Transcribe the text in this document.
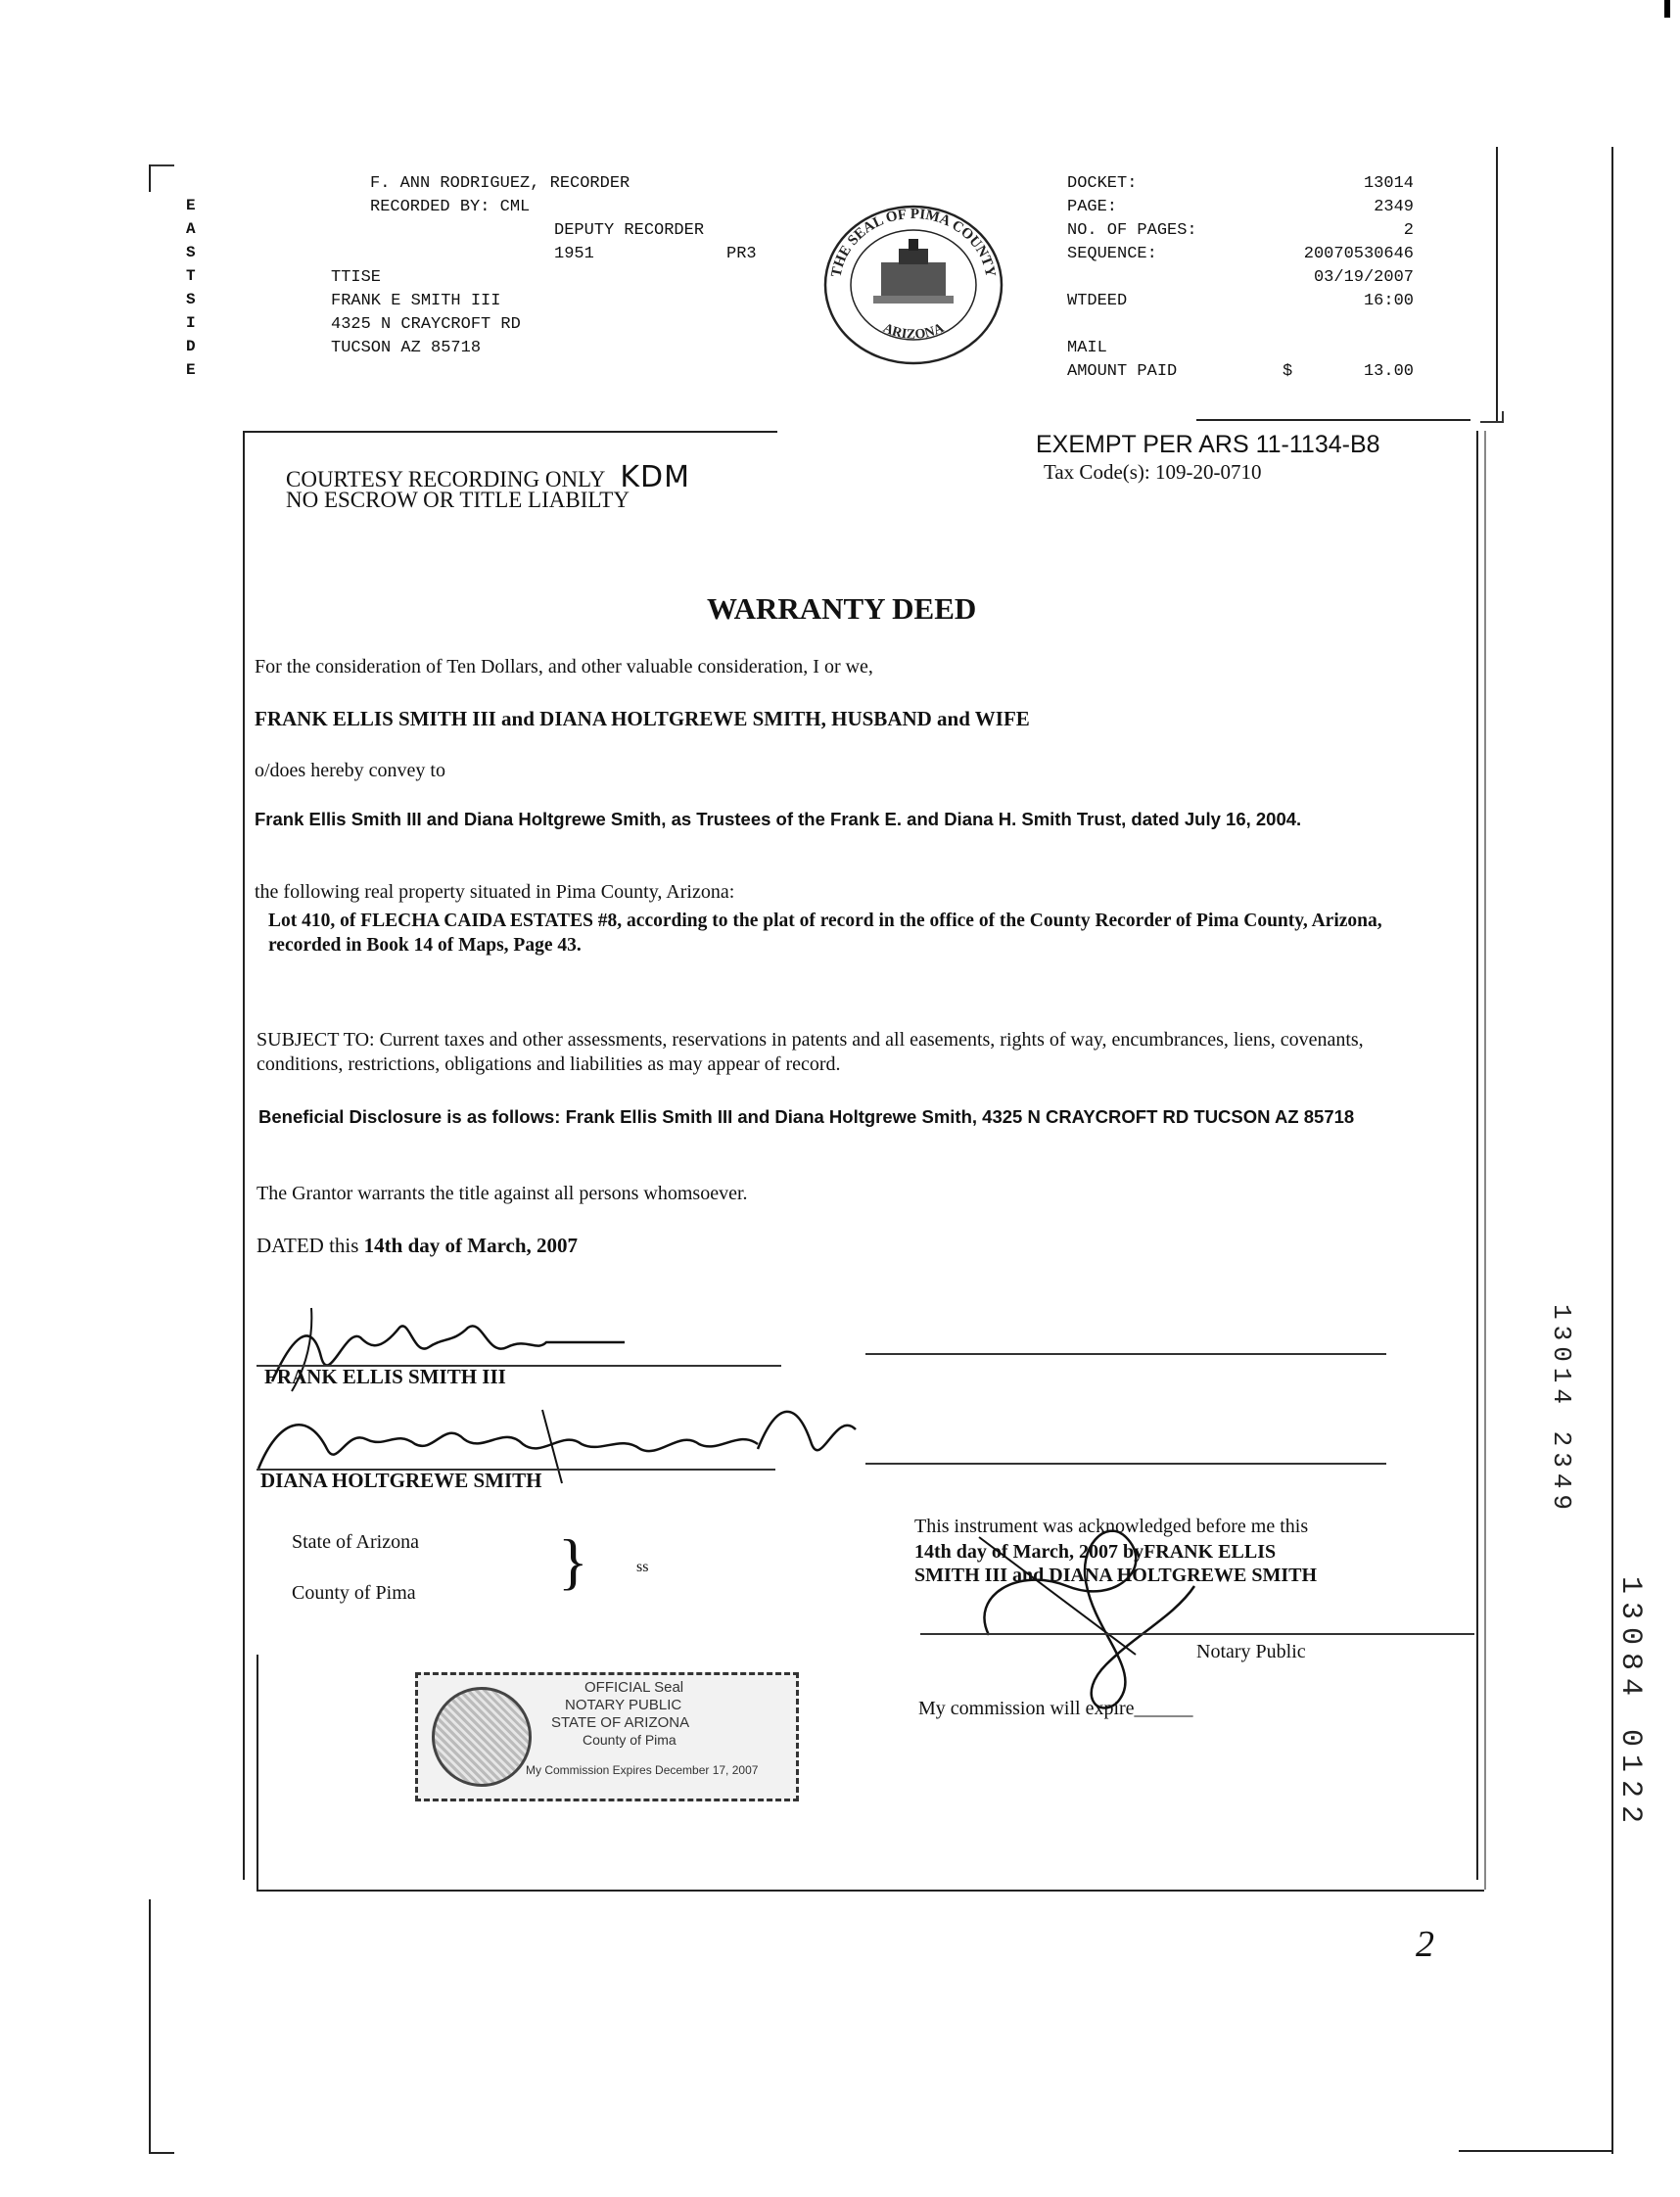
E
A
S
T
S
I
D
E
F. ANN RODRIGUEZ, RECORDER
RECORDED BY: CML
DEPUTY RECORDER
1951	PR3
TTISE
FRANK E SMITH III
4325 N CRAYCROFT RD
TUCSON AZ 85718
THE SEAL OF PIMA COUNTY
ARIZONA
DOCKET:	13014
PAGE:	2349
NO. OF PAGES:	2
SEQUENCE:	20070530646
03/19/2007
WTDEED	16:00
MAIL
AMOUNT PAID	$	13.00
COURTESY RECORDING ONLY KDM
NO ESCROW OR TITLE LIABILTY
EXEMPT PER ARS 11-1134-B8
Tax Code(s): 109-20-0710
WARRANTY DEED
For the consideration of Ten Dollars, and other valuable consideration, I or we,
FRANK ELLIS SMITH III and DIANA HOLTGREWE SMITH, HUSBAND and WIFE
o/does hereby convey to
Frank Ellis Smith III and Diana Holtgrewe Smith, as Trustees of the Frank E. and Diana H. Smith Trust, dated July 16, 2004.
the following real property situated in Pima County, Arizona:
Lot 410, of FLECHA CAIDA ESTATES #8, according to the plat of record in the office of the County Recorder of Pima County, Arizona, recorded in Book 14 of Maps, Page 43.
SUBJECT TO: Current taxes and other assessments, reservations in patents and all easements, rights of way, encumbrances, liens, covenants, conditions, restrictions, obligations and liabilities as may appear of record.
Beneficial Disclosure is as follows: Frank Ellis Smith III and Diana Holtgrewe Smith, 4325 N CRAYCROFT RD TUCSON AZ 85718
The Grantor warrants the title against all persons whomsoever.
DATED this 14th day of March, 2007
FRANK ELLIS SMITH III
DIANA HOLTGREWE SMITH
State of Arizona
County of Pima }	ss
This instrument was acknowledged before me this
14th day of March, 2007 byFRANK ELLIS
SMITH III and DIANA HOLTGREWE SMITH
Notary Public
My commission will expire______
OFFICIAL Seal
NOTARY PUBLIC
STATE OF ARIZONA
County of Pima
My Commission Expires December 17, 2007
2
13014 2349
13084 0122
